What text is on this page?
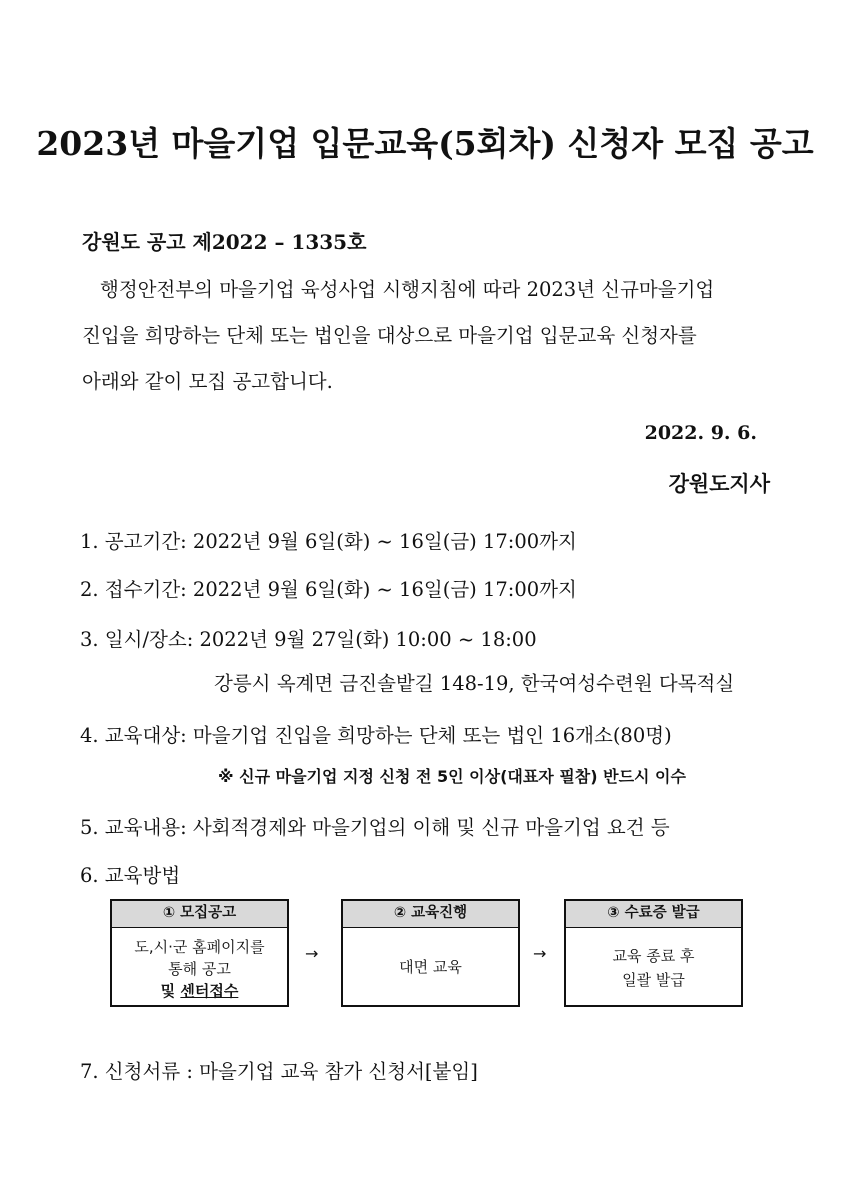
2023년 마을기업 입문교육(5회차) 신청자 모집 공고
강원도 공고 제2022 – 1335호
행정안전부의 마을기업 육성사업 시행지침에 따라 2023년 신규마을기업
진입을 희망하는 단체 또는 법인을 대상으로 마을기업 입문교육 신청자를
아래와 같이 모집 공고합니다.
2022. 9. 6.
강원도지사
1. 공고기간: 2022년 9월 6일(화) ~ 16일(금) 17:00까지
2. 접수기간: 2022년 9월 6일(화) ~ 16일(금) 17:00까지
3. 일시/장소: 2022년 9월 27일(화) 10:00 ~ 18:00
강릉시 옥계면 금진솔밭길 148-19, 한국여성수련원 다목적실
4. 교육대상: 마을기업 진입을 희망하는 단체 또는 법인 16개소(80명)
※ 신규 마을기업 지정 신청 전 5인 이상(대표자 필참) 반드시 이수
5. 교육내용: 사회적경제와 마을기업의 이해 및 신규 마을기업 요건 등
6. 교육방법
① 모집공고
도,시·군 홈페이지를
통해 공고
및 센터접수
→
② 교육진행
대면 교육
→
③ 수료증 발급
교육 종료 후
일괄 발급
7. 신청서류 : 마을기업 교육 참가 신청서[붙임]
